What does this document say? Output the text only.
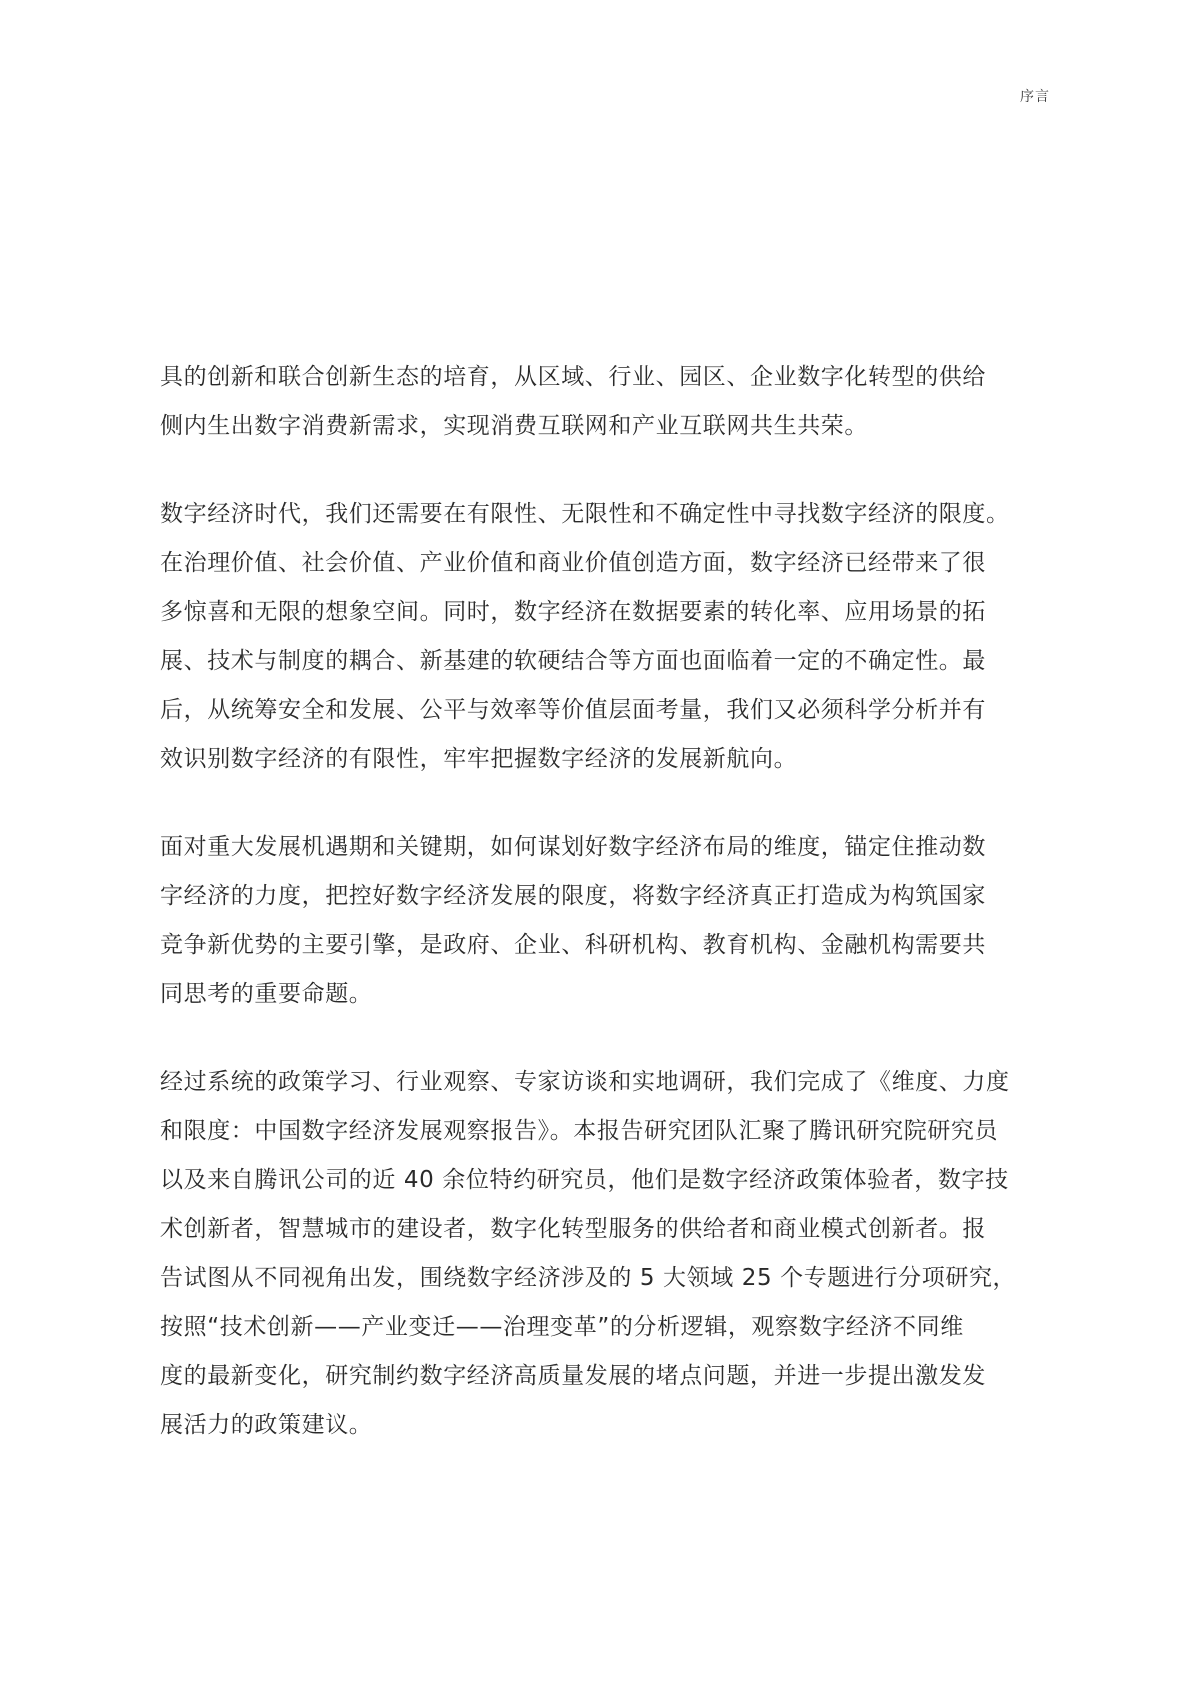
序言

具的创新和联合创新生态的培育，从区域、行业、园区、企业数字化转型的供给
侧内生出数字消费新需求，实现消费互联网和产业互联网共生共荣。

数字经济时代，我们还需要在有限性、无限性和不确定性中寻找数字经济的限度。
在治理价值、社会价值、产业价值和商业价值创造方面，数字经济已经带来了很
多惊喜和无限的想象空间。同时，数字经济在数据要素的转化率、应用场景的拓
展、技术与制度的耦合、新基建的软硬结合等方面也面临着一定的不确定性。最
后，从统筹安全和发展、公平与效率等价值层面考量，我们又必须科学分析并有
效识别数字经济的有限性，牢牢把握数字经济的发展新航向。

面对重大发展机遇期和关键期，如何谋划好数字经济布局的维度，锚定住推动数
字经济的力度，把控好数字经济发展的限度，将数字经济真正打造成为构筑国家
竞争新优势的主要引擎，是政府、企业、科研机构、教育机构、金融机构需要共
同思考的重要命题。

经过系统的政策学习、行业观察、专家访谈和实地调研，我们完成了《维度、力度
和限度：中国数字经济发展观察报告》。本报告研究团队汇聚了腾讯研究院研究员
以及来自腾讯公司的近 40 余位特约研究员，他们是数字经济政策体验者，数字技
术创新者，智慧城市的建设者，数字化转型服务的供给者和商业模式创新者。报
告试图从不同视角出发，围绕数字经济涉及的 5 大领域 25 个专题进行分项研究，
按照“技术创新——产业变迁——治理变革”的分析逻辑，观察数字经济不同维
度的最新变化，研究制约数字经济高质量发展的堵点问题，并进一步提出激发发
展活力的政策建议。
